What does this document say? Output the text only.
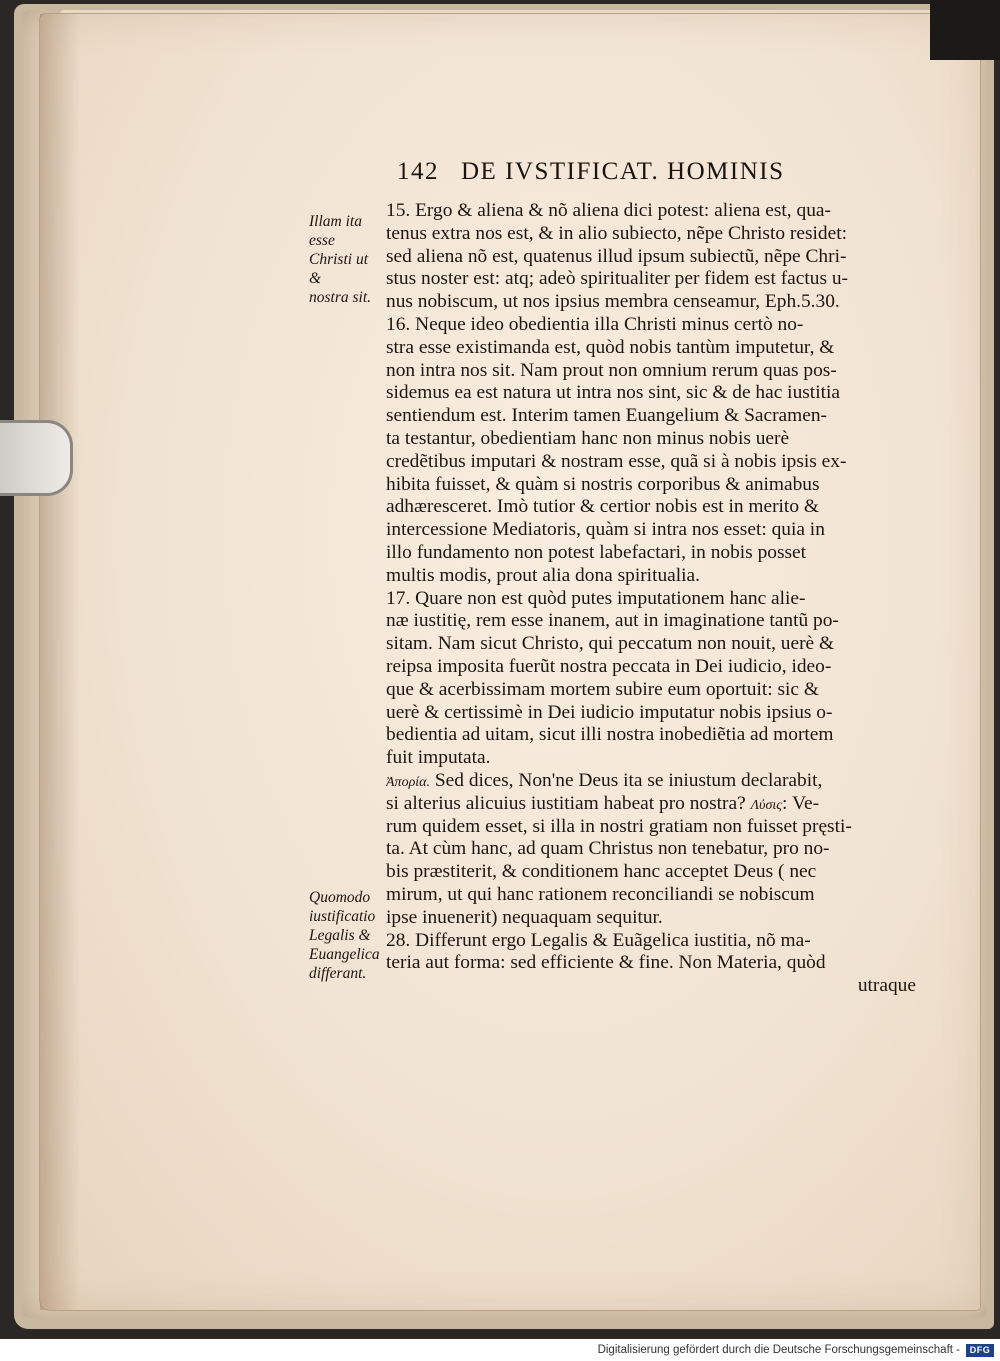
142 DE IVSTIFICAT. HOMINIS
Illam ita esse
Christi ut &
nostra sit.
Quomodo
iustificatio
Legalis &
Euangelica
differant.
15. Ergo & aliena & nõ aliena dici potest: aliena est, qua-
tenus extra nos est, & in alio subiecto, nẽpe Christo residet:
sed aliena nõ est, quatenus illud ipsum subiectũ, nẽpe Chri-
stus noster est: atq; adeò spiritualiter per fidem est factus u-
nus nobiscum, ut nos ipsius membra censeamur, Eph.5.30.
16. Neque ideo obedientia illa Christi minus certò no-
stra esse existimanda est, quòd nobis tantùm imputetur, &
non intra nos sit. Nam prout non omnium rerum quas pos-
sidemus ea est natura ut intra nos sint, sic & de hac iustitia
sentiendum est. Interim tamen Euangelium & Sacramen-
ta testantur, obedientiam hanc non minus nobis uerè
credẽtibus imputari & nostram esse, quã si à nobis ipsis ex-
hibita fuisset, & quàm si nostris corporibus & animabus
adhæresceret. Imò tutior & certior nobis est in merito &
intercessione Mediatoris, quàm si intra nos esset: quia in
illo fundamento non potest labefactari, in nobis posset
multis modis, prout alia dona spiritualia.
17. Quare non est quòd putes imputationem hanc alie-
næ iustitię, rem esse inanem, aut in imaginatione tantũ po-
sitam. Nam sicut Christo, qui peccatum non nouit, uerè &
reipsa imposita fuerũt nostra peccata in Dei iudicio, ideo-
que & acerbissimam mortem subire eum oportuit: sic &
uerè & certissimè in Dei iudicio imputatur nobis ipsius o-
bedientia ad uitam, sicut illi nostra inobediẽtia ad mortem
fuit imputata.
Ἀπορία. Sed dices, Non'ne Deus ita se iniustum declarabit,
si alterius alicuius iustitiam habeat pro nostra? Λύσις: Ve-
rum quidem esset, si illa in nostri gratiam non fuisset pręsti-
ta. At cùm hanc, ad quam Christus non tenebatur, pro no-
bis præstiterit, & conditionem hanc acceptet Deus ( nec
mirum, ut qui hanc rationem reconciliandi se nobiscum
ipse inuenerit) nequaquam sequitur.
28. Differunt ergo Legalis & Euãgelica iustitia, nõ ma-
teria aut forma: sed efficiente & fine. Non Materia, quòd
utraque
Digitalisierung gefördert durch die Deutsche Forschungsgemeinschaft -	DFG
